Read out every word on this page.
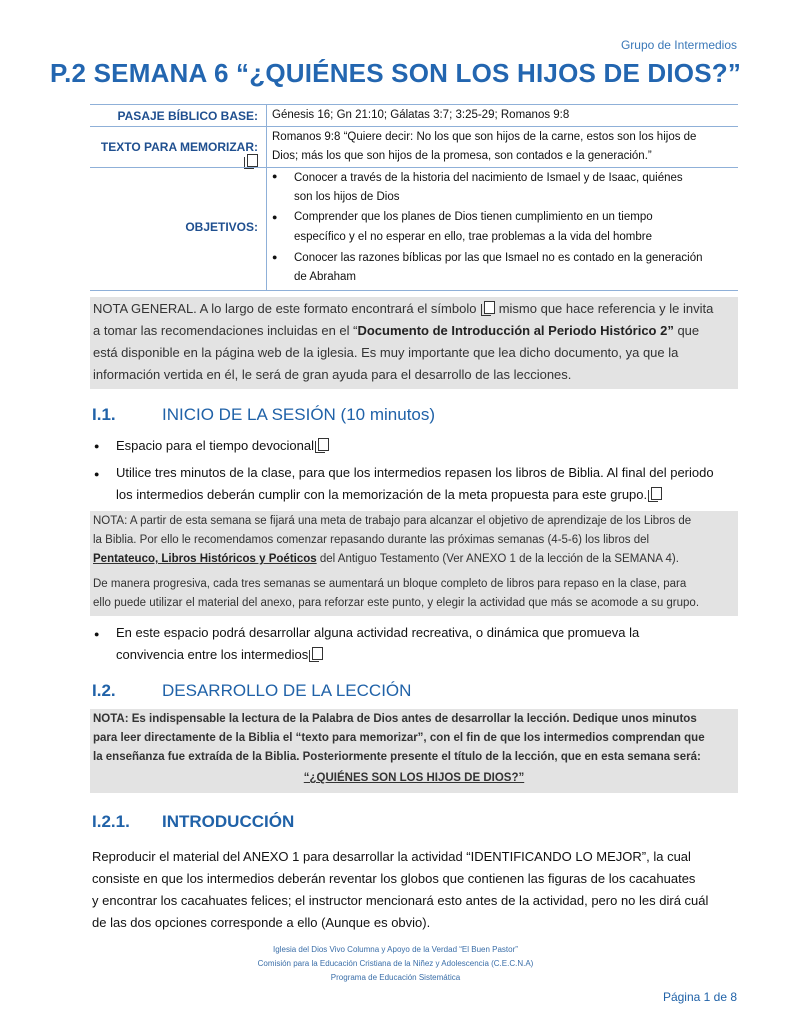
Grupo de Intermedios
P.2 SEMANA 6 “¿QUIÉNES SON LOS HIJOS DE DIOS?”
PASAJE BÍBLICO BASE: Génesis 16; Gn 21:10; Gálatas 3:7; 3:25-29; Romanos 9:8
TEXTO PARA MEMORIZAR:
Romanos 9:8 “Quiere decir: No los que son hijos de la carne, estos son los hijos de
Dios; más los que son hijos de la promesa, son contados e la generación.”
OBJETIVOS:
● Conocer a través de la historia del nacimiento de Ismael y de Isaac, quiénes
son los hijos de Dios
● Comprender que los planes de Dios tienen cumplimiento en un tiempo
específico y el no esperar en ello, trae problemas a la vida del hombre
● Conocer las razones bíblicas por las que Ismael no es contado en la generación
de Abraham
NOTA GENERAL. A lo largo de este formato encontrará el símbolo mismo que hace referencia y le invita
a tomar las recomendaciones incluidas en el “Documento de Introducción al Periodo Histórico 2” que
está disponible en la página web de la iglesia. Es muy importante que lea dicho documento, ya que la
información vertida en él, le será de gran ayuda para el desarrollo de las lecciones.
I.1.	INICIO DE LA SESIÓN (10 minutos)
● Espacio para el tiempo devocional
● Utilice tres minutos de la clase, para que los intermedios repasen los libros de Biblia. Al final del periodo
los intermedios deberán cumplir con la memorización de la meta propuesta para este grupo.
NOTA: A partir de esta semana se fijará una meta de trabajo para alcanzar el objetivo de aprendizaje de los Libros de
la Biblia. Por ello le recomendamos comenzar repasando durante las próximas semanas (4-5-6) los libros del
Pentateuco, Libros Históricos y Poéticos del Antiguo Testamento (Ver ANEXO 1 de la lección de la SEMANA 4).
De manera progresiva, cada tres semanas se aumentará un bloque completo de libros para repaso en la clase, para
ello puede utilizar el material del anexo, para reforzar este punto, y elegir la actividad que más se acomode a su grupo.
● En este espacio podrá desarrollar alguna actividad recreativa, o dinámica que promueva la
convivencia entre los intermedios
I.2.	DESARROLLO DE LA LECCIÓN
NOTA: Es indispensable la lectura de la Palabra de Dios antes de desarrollar la lección. Dedique unos minutos
para leer directamente de la Biblia el “texto para memorizar”, con el fin de que los intermedios comprendan que
la enseñanza fue extraída de la Biblia. Posteriormente presente el título de la lección, que en esta semana será:
“¿QUIÉNES SON LOS HIJOS DE DIOS?”
I.2.1. INTRODUCCIÓN
Reproducir el material del ANEXO 1 para desarrollar la actividad “IDENTIFICANDO LO MEJOR”, la cual
consiste en que los intermedios deberán reventar los globos que contienen las figuras de los cacahuates
y encontrar los cacahuates felices; el instructor mencionará esto antes de la actividad, pero no les dirá cuál
de las dos opciones corresponde a ello (Aunque es obvio).
Iglesia del Dios Vivo Columna y Apoyo de la Verdad “El Buen Pastor”
Comisión para la Educación Cristiana de la Niñez y Adolescencia (C.E.C.N.A)
Programa de Educación Sistemática
Página 1 de 8
